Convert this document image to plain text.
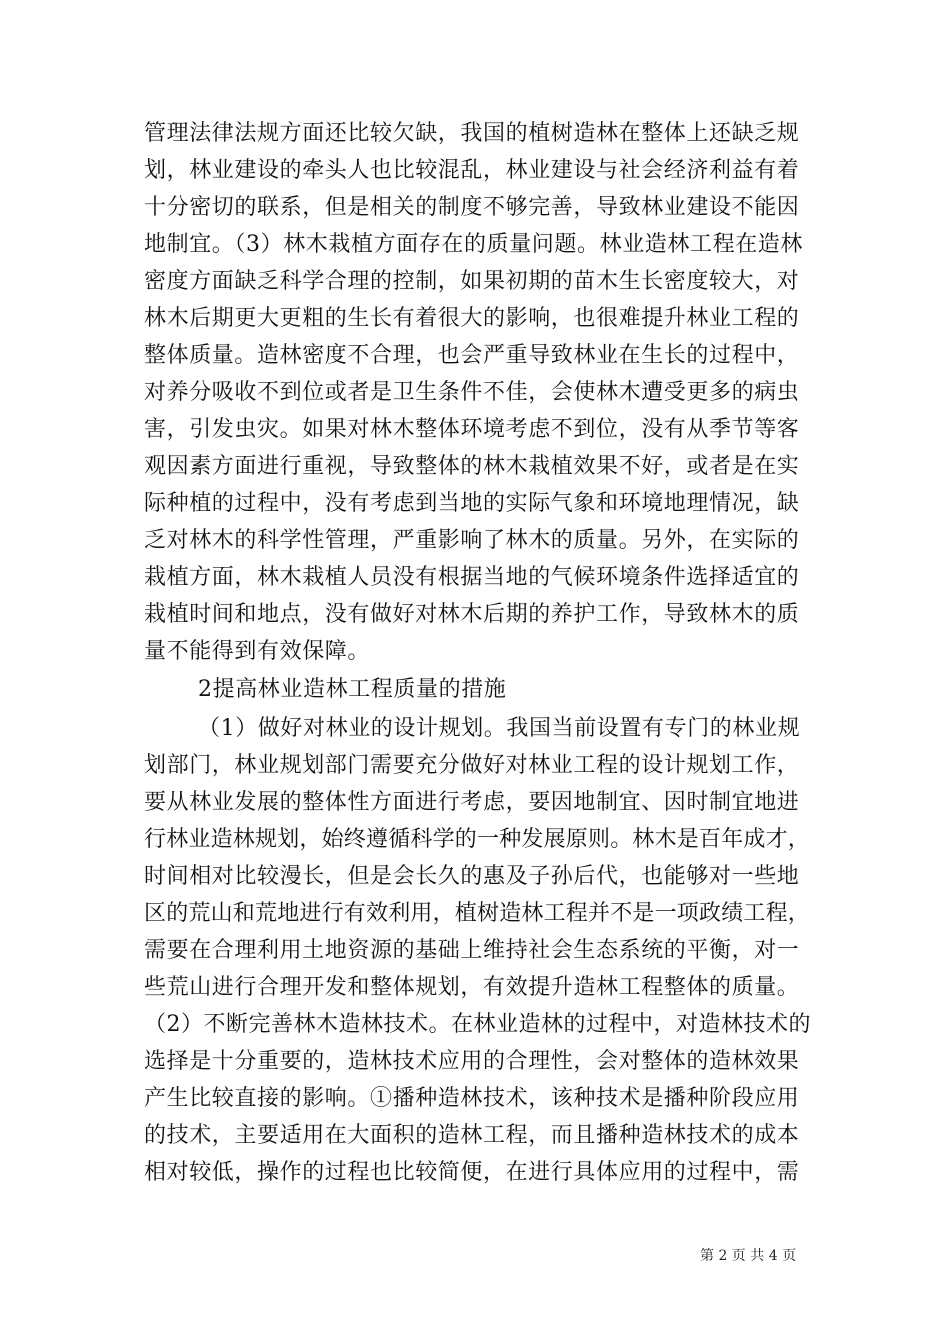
管理法律法规方面还比较欠缺，我国的植树造林在整体上还缺乏规
划，林业建设的牵头人也比较混乱，林业建设与社会经济利益有着
十分密切的联系，但是相关的制度不够完善，导致林业建设不能因
地制宜。（3）林木栽植方面存在的质量问题。林业造林工程在造林
密度方面缺乏科学合理的控制，如果初期的苗木生长密度较大，对
林木后期更大更粗的生长有着很大的影响，也很难提升林业工程的
整体质量。造林密度不合理，也会严重导致林业在生长的过程中，
对养分吸收不到位或者是卫生条件不佳，会使林木遭受更多的病虫
害，引发虫灾。如果对林木整体环境考虑不到位，没有从季节等客
观因素方面进行重视，导致整体的林木栽植效果不好，或者是在实
际种植的过程中，没有考虑到当地的实际气象和环境地理情况，缺
乏对林木的科学性管理，严重影响了林木的质量。另外，在实际的
栽植方面，林木栽植人员没有根据当地的气候环境条件选择适宜的
栽植时间和地点，没有做好对林木后期的养护工作，导致林木的质
量不能得到有效保障。
2提高林业造林工程质量的措施
（1）做好对林业的设计规划。我国当前设置有专门的林业规
划部门，林业规划部门需要充分做好对林业工程的设计规划工作，
要从林业发展的整体性方面进行考虑，要因地制宜、因时制宜地进
行林业造林规划，始终遵循科学的一种发展原则。林木是百年成才，
时间相对比较漫长，但是会长久的惠及子孙后代，也能够对一些地
区的荒山和荒地进行有效利用，植树造林工程并不是一项政绩工程，
需要在合理利用土地资源的基础上维持社会生态系统的平衡，对一
些荒山进行合理开发和整体规划，有效提升造林工程整体的质量。
（2）不断完善林木造林技术。在林业造林的过程中，对造林技术的
选择是十分重要的，造林技术应用的合理性，会对整体的造林效果
产生比较直接的影响。①播种造林技术，该种技术是播种阶段应用
的技术，主要适用在大面积的造林工程，而且播种造林技术的成本
相对较低，操作的过程也比较简便，在进行具体应用的过程中，需
第 2 页 共 4 页
